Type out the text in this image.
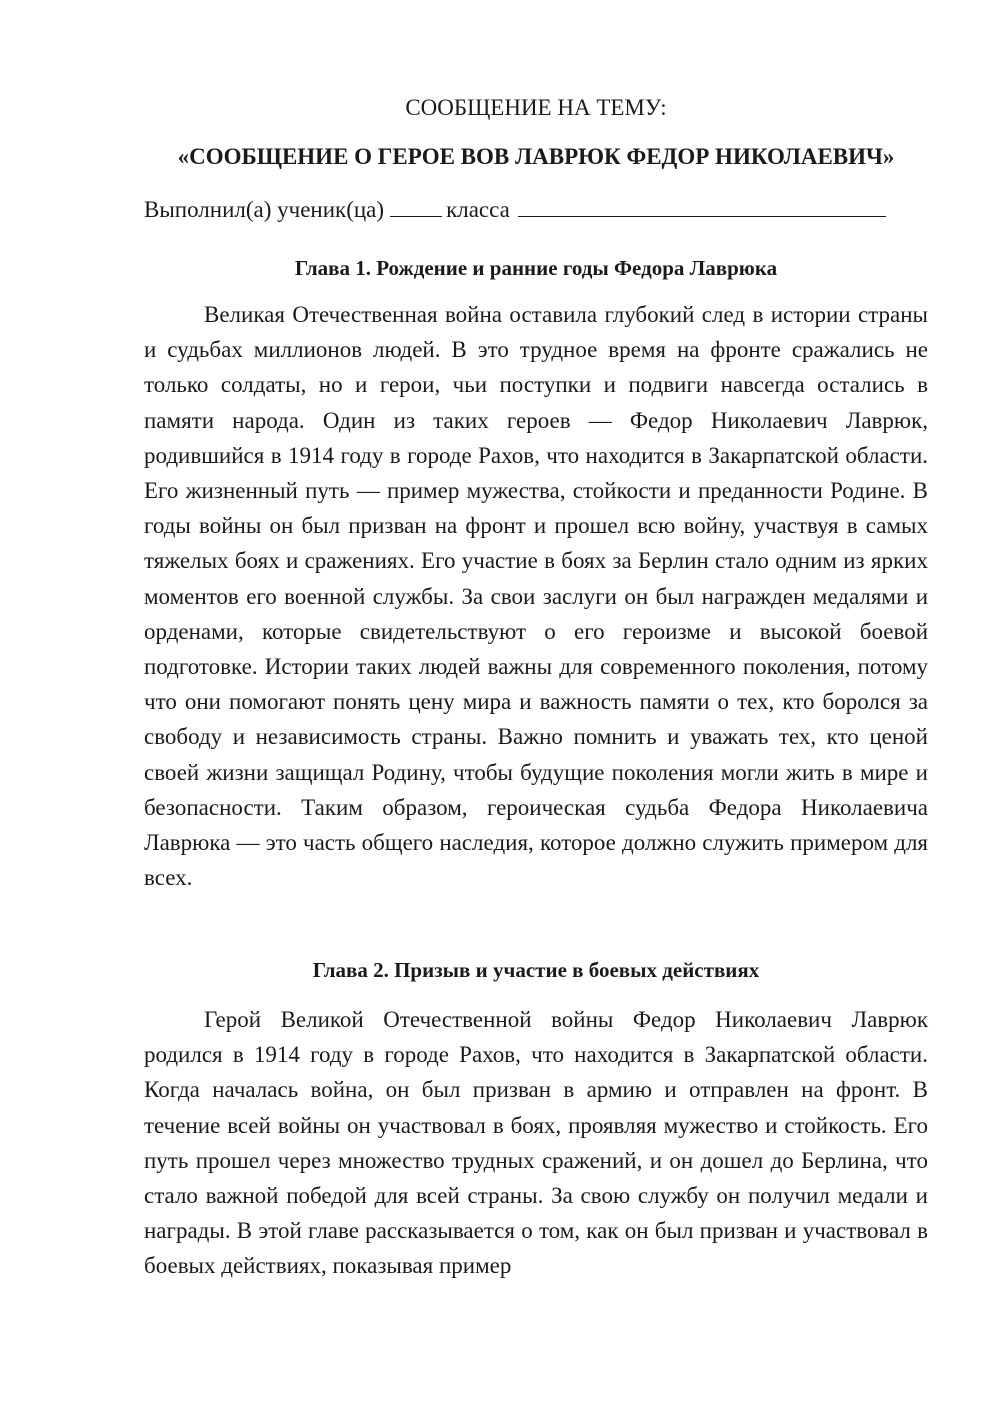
СООБЩЕНИЕ НА ТЕМУ:

«СООБЩЕНИЕ О ГЕРОЕ ВОВ ЛАВРЮК ФЕДОР НИКОЛАЕВИЧ»

Выполнил(а) ученик(ца)	класса
Глава 1. Рождение и ранние годы Федора Лаврюка

Великая Отечественная война оставила глубокий след в истории страны и судьбах миллионов людей. В это трудное время на фронте сражались не только солдаты, но и герои, чьи поступки и подвиги навсегда остались в памяти народа. Один из таких героев — Федор Николаевич Лаврюк, родившийся в 1914 году в городе Рахов, что находится в Закарпатской области. Его жизненный путь — пример мужества, стойкости и преданности Родине. В годы войны он был призван на фронт и прошел всю войну, участвуя в самых тяжелых боях и сражениях. Его участие в боях за Берлин стало одним из ярких моментов его военной службы. За свои заслуги он был награжден медалями и орденами, которые свидетельствуют о его героизме и высокой боевой подготовке. Истории таких людей важны для современного поколения, потому что они помогают понять цену мира и важность памяти о тех, кто боролся за свободу и независимость страны. Важно помнить и уважать тех, кто ценой своей жизни защищал Родину, чтобы будущие поколения могли жить в мире и безопасности. Таким образом, героическая судьба Федора Николаевича Лаврюка — это часть общего наследия, которое должно служить примером для всех.

Глава 2. Призыв и участие в боевых действиях

Герой Великой Отечественной войны Федор Николаевич Лаврюк родился в 1914 году в городе Рахов, что находится в Закарпатской области. Когда началась война, он был призван в армию и отправлен на фронт. В течение всей войны он участвовал в боях, проявляя мужество и стойкость. Его путь прошел через множество трудных сражений, и он дошел до Берлина, что стало важной победой для всей страны. За свою службу он получил медали и награды. В этой главе рассказывается о том, как он был призван и участвовал в боевых действиях, показывая пример
